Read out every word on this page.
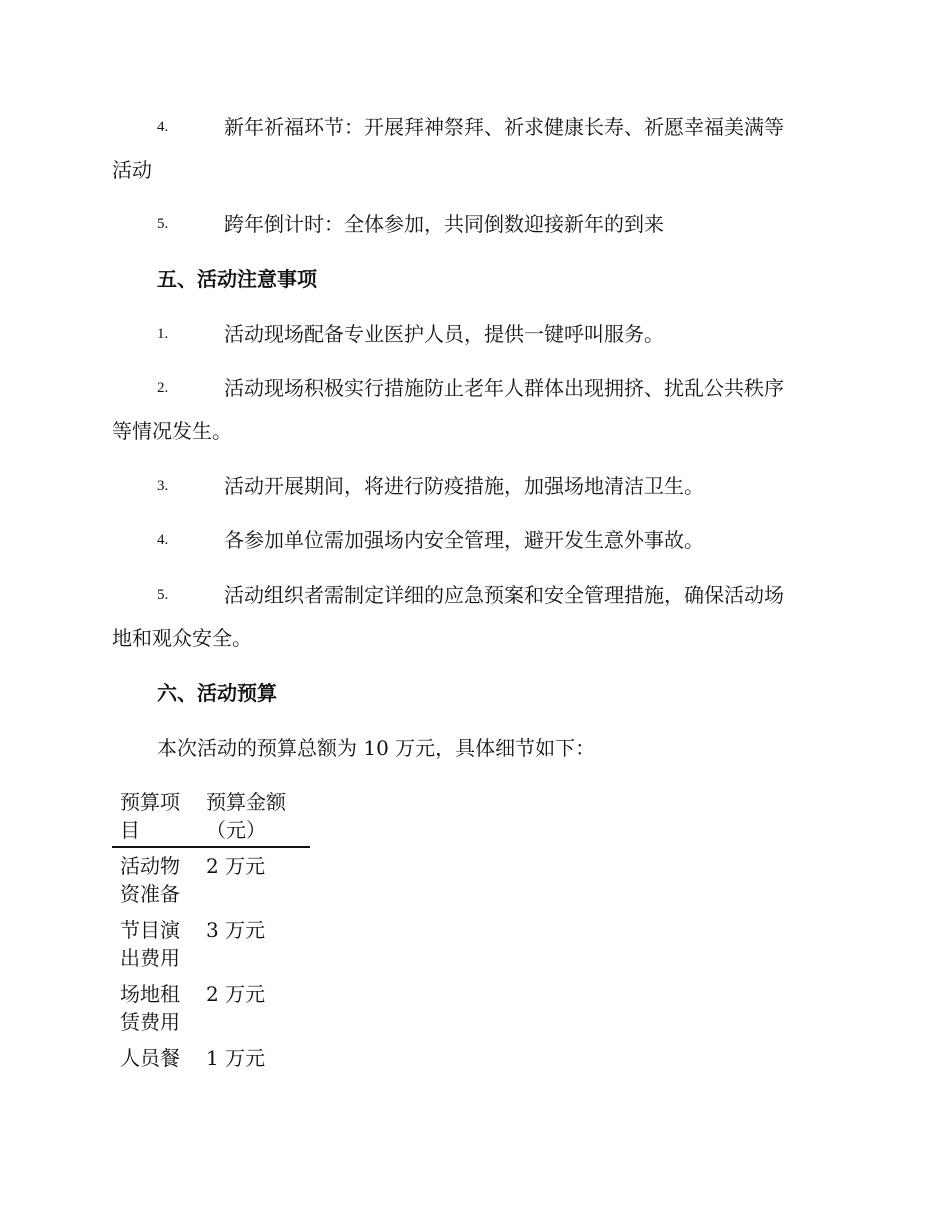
4.	新年祈福环节：开展拜神祭拜、祈求健康长寿、祈愿幸福美满等
活动
5.	跨年倒计时：全体参加，共同倒数迎接新年的到来
五、活动注意事项
1.	活动现场配备专业医护人员，提供一键呼叫服务。
2.	活动现场积极实行措施防止老年人群体出现拥挤、扰乱公共秩序
等情况发生。
3.	活动开展期间，将进行防疫措施，加强场地清洁卫生。
4.	各参加单位需加强场内安全管理，避开发生意外事故。
5.	活动组织者需制定详细的应急预案和安全管理措施，确保活动场
地和观众安全。
六、活动预算
本次活动的预算总额为 10 万元，具体细节如下：
预算项目	预算金额（元）

活动物资准备	2 万元

节目演出费用	3 万元

场地租赁费用	2 万元

人员餐	1 万元
